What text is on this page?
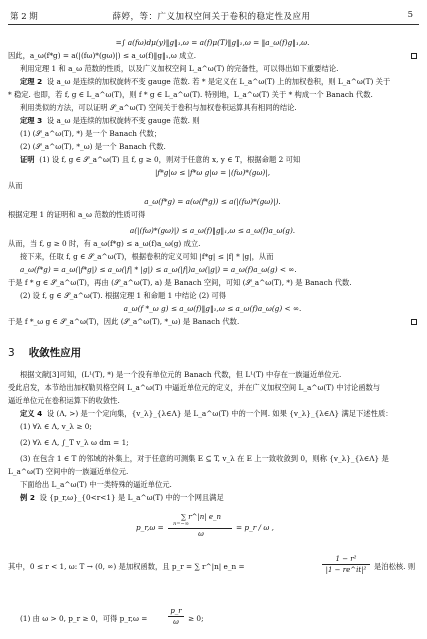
第 2 期	薛婷，等：广义加权空间关于卷积的稳定性及应用	5
=∫ a(fω)dμ(y)‖g‖₁,ω = a(f)μ(T)‖g‖₁,ω = ‖a_ω(f)g‖₁,ω.
因此，a_ω(f*g) = a(|(fω)*(gω)|) ≤ a_ω(f)‖g‖₁,ω 成立.
利用定理 1 和 a_ω 范数的性质，以及广义加权空间 L_a^ω(T) 的完备性，可以得出如下重要结论.
定理 2 设 a_ω 是连续的加权旋转不变 gauge 范数. 若 * 是定义在 L_a^ω(T) 上的加权卷积，则 L_a^ω(T) 关于
* 稳定. 也即，若 f, g ∈ L_a^ω(T)，则 f * g ∈ L_a^ω(T). 特别地，L_a^ω(T) 关于 * 构成一个 Banach 代数.
利用类似的方法，可以证明 𝒮_a^ω(T) 空间关于卷积与加权卷积运算具有相同的结论.
定理 3 设 a_ω 是连续的加权旋转不变 gauge 范数. 则
(1) (𝒮_a^ω(T), *) 是一个 Banach 代数；
(2) (𝒮_a^ω(T), *_ω) 是一个 Banach 代数.
证明 (1) 设 f, g ∈ 𝒮_a^ω(T) 且 f, g ≥ 0，则对于任意的 x, y ∈ T，根据命题 2 可知
|f*g|ω ≤ |f*ω g|ω = |(fω)*(gω)|,
从而
a_ω(f*g) = a(ω(f*g)) ≤ a(|(fω)*(gω)|).
根据定理 1 的证明和 a_ω 范数的性质可得
a(|(fω)*(gω)|) ≤ a_ω(f)‖g‖₁,ω ≤ a_ω(f)a_ω(g).
从而，当 f, g ≥ 0 时，有 a_ω(f*g) ≤ a_ω(f)a_ω(g) 成立.
接下来，任取 f, g ∈ 𝒮_a^ω(T)，根据卷积的定义可知 |f*g| ≤ |f| * |g|，从而
a_ω(f*g) = a_ω(|f*g|) ≤ a_ω(|f| * |g|) ≤ a_ω(|f|)a_ω(|g|) = a_ω(f)a_ω(g) < ∞.
于是 f * g ∈ 𝒮_a^ω(T)，再由 (𝒮_a^ω(T), a) 是 Banach 空间，可知 (𝒮_a^ω(T), *) 是 Banach 代数.
(2) 设 f, g ∈ 𝒮_a^ω(T). 根据定理 1 和命题 1 中结论 (2) 可得
a_ω(f *_ω g) ≤ a_ω(f)‖g‖₁,ω ≤ a_ω(f)a_ω(g) < ∞.
于是 f *_ω g ∈ 𝒮_a^ω(T)，因此 (𝒮_a^ω(T), *_ω) 是 Banach 代数.
3 收敛性应用
根据文献[3]可知，(L¹(T), *) 是一个没有单位元的 Banach 代数，但 L¹(T) 中存在一族逼近单位元.
受此启发，本节给出加权勒贝格空间 L_a^ω(T) 中逼近单位元的定义，并在广义加权空间 L_a^ω(T) 中讨论函数与
逼近单位元在卷积运算下的收敛性.
定义 4 设 (Λ, >) 是一个定向集，{v_λ}_{λ∈Λ} 是 L_a^ω(T) 中的一个网. 如果 {v_λ}_{λ∈Λ} 满足下述性质：
(1) ∀λ ∈ Λ, v_λ ≥ 0;
(2) ∀λ ∈ Λ, ∫_T v_λ ω dm = 1;
(3) 在包含 1 ∈ T 的邻域的补集上，对于任意的可测集 E ⊆ T, v_λ 在 E 上一致收敛到 0，则称 {v_λ}_{λ∈Λ} 是
L_a^ω(T) 空间中的一族逼近单位元.
下面给出 L_a^ω(T) 中一类特殊的逼近单位元.
例 2 设 {p_r,ω}_{0<r<1} 是 L_a^ω(T) 中的一个网且满足
p_r,ω =
∑ r^|n| e_n
n=−∞
ω
= p_r / ω ,
其中，0 ≤ r < 1, ω: T → (0, ∞) 是加权函数，且 p_r = ∑ r^|n| e_n =
1 − r²
|1 − re^it|²	是泊松核. 则
(1) 由 ω > 0, p_r ≥ 0，可得 p_r,ω =
p_r
ω	≥ 0;
